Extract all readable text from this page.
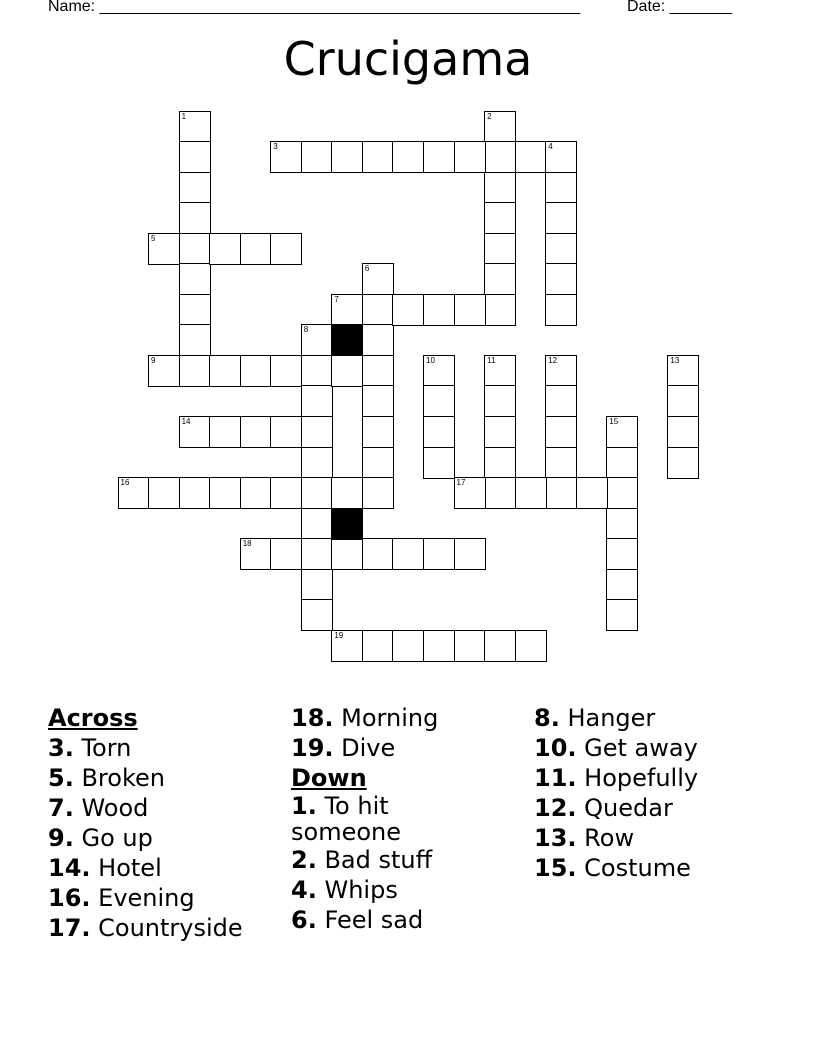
Name: ______________________________________________________	Date: _______
Crucigama
1	2
3	4
5
6
7
8
9	10	11	12	13
14	15
16	17
18
19
Across
3. Torn
5. Broken
7. Wood
9. Go up
14. Hotel
16. Evening
17. Countryside
18. Morning
19. Dive
Down
1. To hit someone
2. Bad stuff
4. Whips
6. Feel sad
8. Hanger
10. Get away
11. Hopefully
12. Quedar
13. Row
15. Costume
